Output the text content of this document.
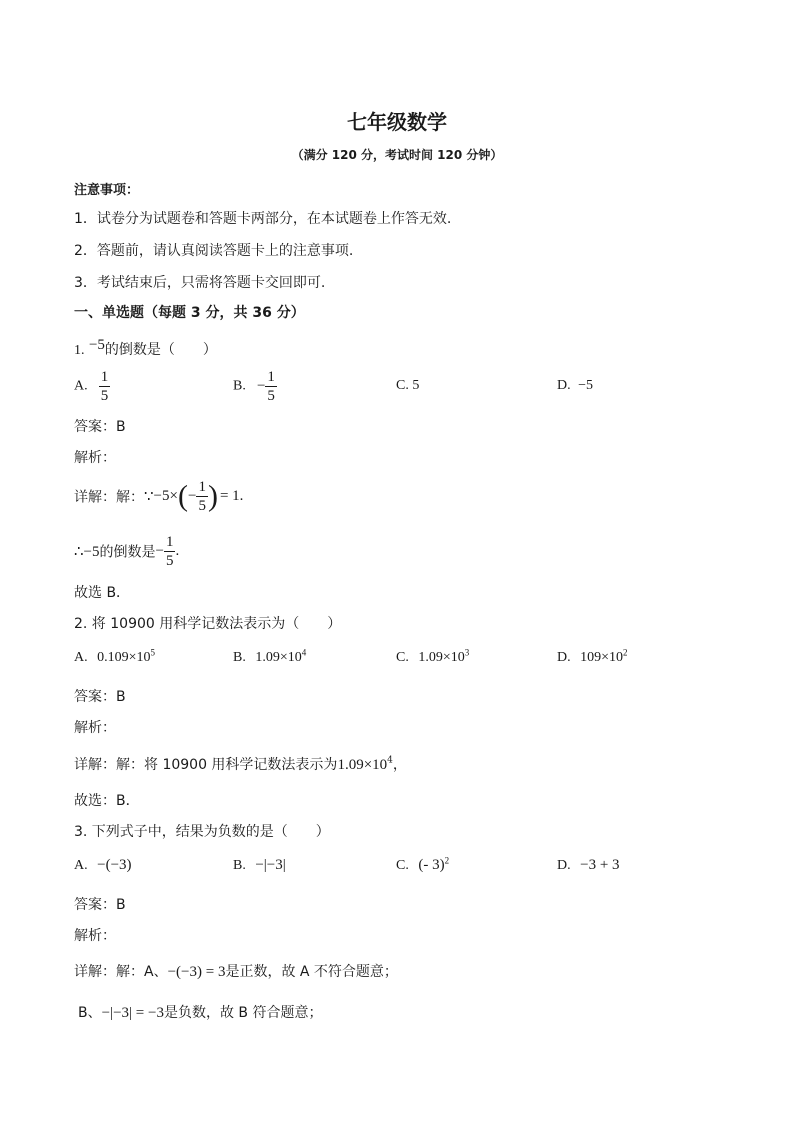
七年级数学
（满分 120 分，考试时间 120 分钟）
注意事项：
1．试卷分为试题卷和答题卡两部分，在本试题卷上作答无效.
2．答题前，请认真阅读答题卡上的注意事项.
3．考试结束后，只需将答题卡交回即可.
一、单选题（每题 3 分，共 36 分）
1. −5的倒数是（　　）
A. $\frac{1}{5}$	B. − $\frac{1}{5}$	C. 5	D. −5
答案：B
解析：
详解：解：∵−5×(− $\frac{1}{5}$ ) = 1.
∴−5的倒数是− $\frac{1}{5}$ .
故选 B．
2. 将 10900 用科学记数法表示为（　　）
A. $0.109\times 10^5$	B. $1.09\times 10^4$	C. $1.09\times 10^3$	D. $109\times 10^2$
答案：B
解析：
详解：解：将 10900 用科学记数法表示为$1.09\times 10^4$，
故选：B．
3. 下列式子中，结果为负数的是（　　）
A. −(−3)	B. −|−3|	C. (‐ 3)$^2$	D. −3 + 3
答案：B
解析：
详解：解：A、−(−3) = 3是正数，故 A 不符合题意；
B、−|−3| = −3是负数，故 B 符合题意；
